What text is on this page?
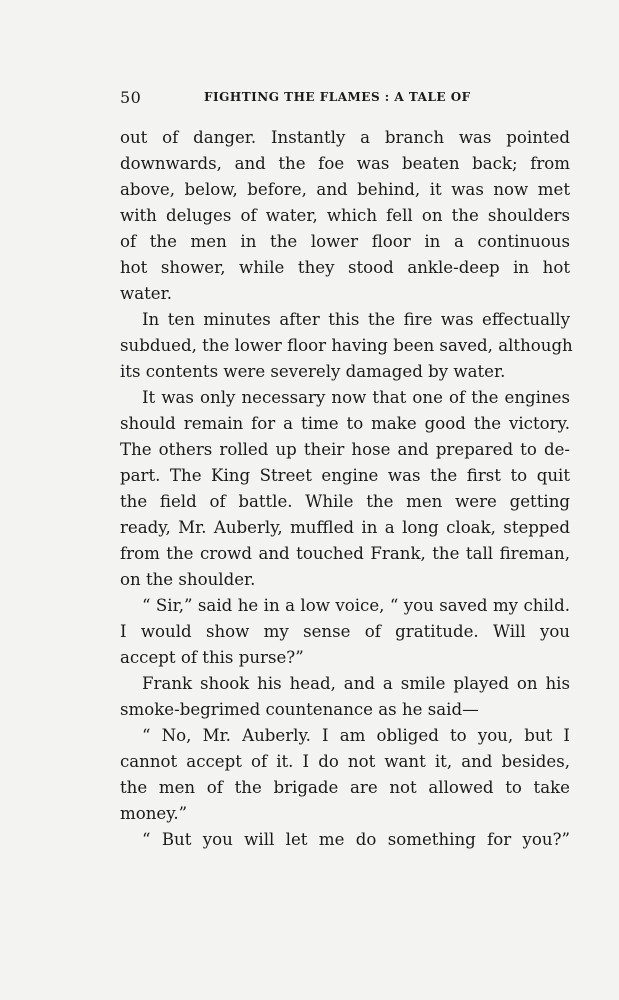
50	FIGHTING THE FLAMES : A TALE OF
out of danger. Instantly a branch was pointed
downwards, and the foe was beaten back; from
above, below, before, and behind, it was now met
with deluges of water, which fell on the shoulders
of the men in the lower floor in a continuous
hot shower, while they stood ankle-deep in hot
water.
In ten minutes after this the fire was effectually
subdued, the lower floor having been saved, although
its contents were severely damaged by water.
It was only necessary now that one of the engines
should remain for a time to make good the victory.
The others rolled up their hose and prepared to de-
part. The King Street engine was the first to quit
the field of battle. While the men were getting
ready, Mr. Auberly, muffled in a long cloak, stepped
from the crowd and touched Frank, the tall fireman,
on the shoulder.
“ Sir,” said he in a low voice, “ you saved my child.
I would show my sense of gratitude. Will you
accept of this purse?”
Frank shook his head, and a smile played on his
smoke-begrimed countenance as he said—
“ No, Mr. Auberly. I am obliged to you, but I
cannot accept of it. I do not want it, and besides,
the men of the brigade are not allowed to take
money.”
“ But you will let me do something for you?”
